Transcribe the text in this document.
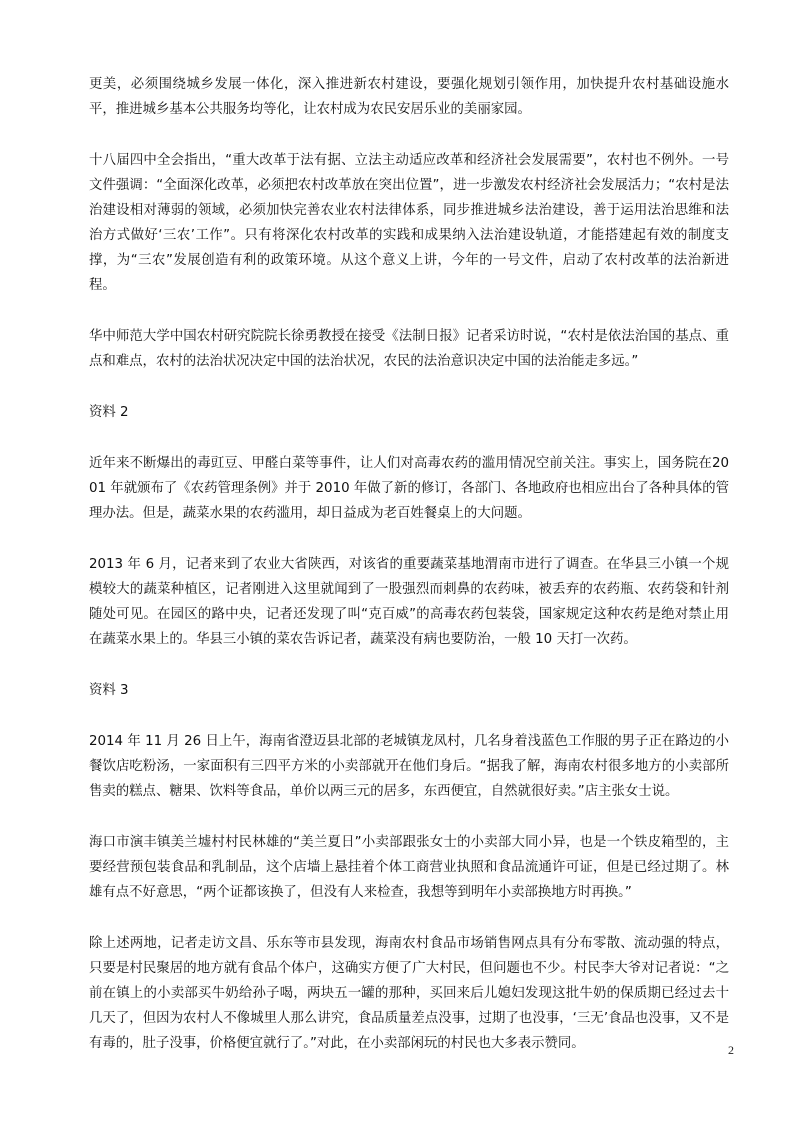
更美，必须围绕城乡发展一体化，深入推进新农村建设，要强化规划引领作用，加快提升农村基础设施水平，推进城乡基本公共服务均等化，让农村成为农民安居乐业的美丽家园。

十八届四中全会指出，“重大改革于法有据、立法主动适应改革和经济社会发展需要”，农村也不例外。一号文件强调：“全面深化改革，必须把农村改革放在突出位置”，进一步激发农村经济社会发展活力；“农村是法治建设相对薄弱的领域，必须加快完善农业农村法律体系，同步推进城乡法治建设，善于运用法治思维和法治方式做好‘三农’工作”。只有将深化农村改革的实践和成果纳入法治建设轨道，才能搭建起有效的制度支撑，为“三农”发展创造有利的政策环境。从这个意义上讲，今年的一号文件，启动了农村改革的法治新进程。

华中师范大学中国农村研究院院长徐勇教授在接受《法制日报》记者采访时说，“农村是依法治国的基点、重点和难点，农村的法治状况决定中国的法治状况，农民的法治意识决定中国的法治能走多远。”

资料 2

近年来不断爆出的毒豇豆、甲醛白菜等事件，让人们对高毒农药的滥用情况空前关注。事实上，国务院在2001 年就颁布了《农药管理条例》并于 2010 年做了新的修订，各部门、各地政府也相应出台了各种具体的管理办法。但是，蔬菜水果的农药滥用，却日益成为老百姓餐桌上的大问题。

2013 年 6 月，记者来到了农业大省陕西，对该省的重要蔬菜基地渭南市进行了调查。在华县三小镇一个规模较大的蔬菜种植区，记者刚进入这里就闻到了一股强烈而刺鼻的农药味，被丢弃的农药瓶、农药袋和针剂随处可见。在园区的路中央，记者还发现了叫“克百威”的高毒农药包装袋，国家规定这种农药是绝对禁止用在蔬菜水果上的。华县三小镇的菜农告诉记者，蔬菜没有病也要防治，一般 10 天打一次药。

资料 3

2014 年 11 月 26 日上午，海南省澄迈县北部的老城镇龙凤村，几名身着浅蓝色工作服的男子正在路边的小餐饮店吃粉汤，一家面积有三四平方米的小卖部就开在他们身后。“据我了解，海南农村很多地方的小卖部所售卖的糕点、糖果、饮料等食品，单价以两三元的居多，东西便宜，自然就很好卖。”店主张女士说。

海口市演丰镇美兰墟村村民林雄的“美兰夏日”小卖部跟张女士的小卖部大同小异，也是一个铁皮箱型的，主要经营预包装食品和乳制品，这个店墙上悬挂着个体工商营业执照和食品流通许可证，但是已经过期了。林雄有点不好意思，“两个证都该换了，但没有人来检查，我想等到明年小卖部换地方时再换。”

除上述两地，记者走访文昌、乐东等市县发现，海南农村食品市场销售网点具有分布零散、流动强的特点，只要是村民聚居的地方就有食品个体户，这确实方便了广大村民，但问题也不少。村民李大爷对记者说：“之前在镇上的小卖部买牛奶给孙子喝，两块五一罐的那种，买回来后儿媳妇发现这批牛奶的保质期已经过去十几天了，但因为农村人不像城里人那么讲究，食品质量差点没事，过期了也没事，‘三无’食品也没事，又不是有毒的，肚子没事，价格便宜就行了。”对此，在小卖部闲玩的村民也大多表示赞同。	2
